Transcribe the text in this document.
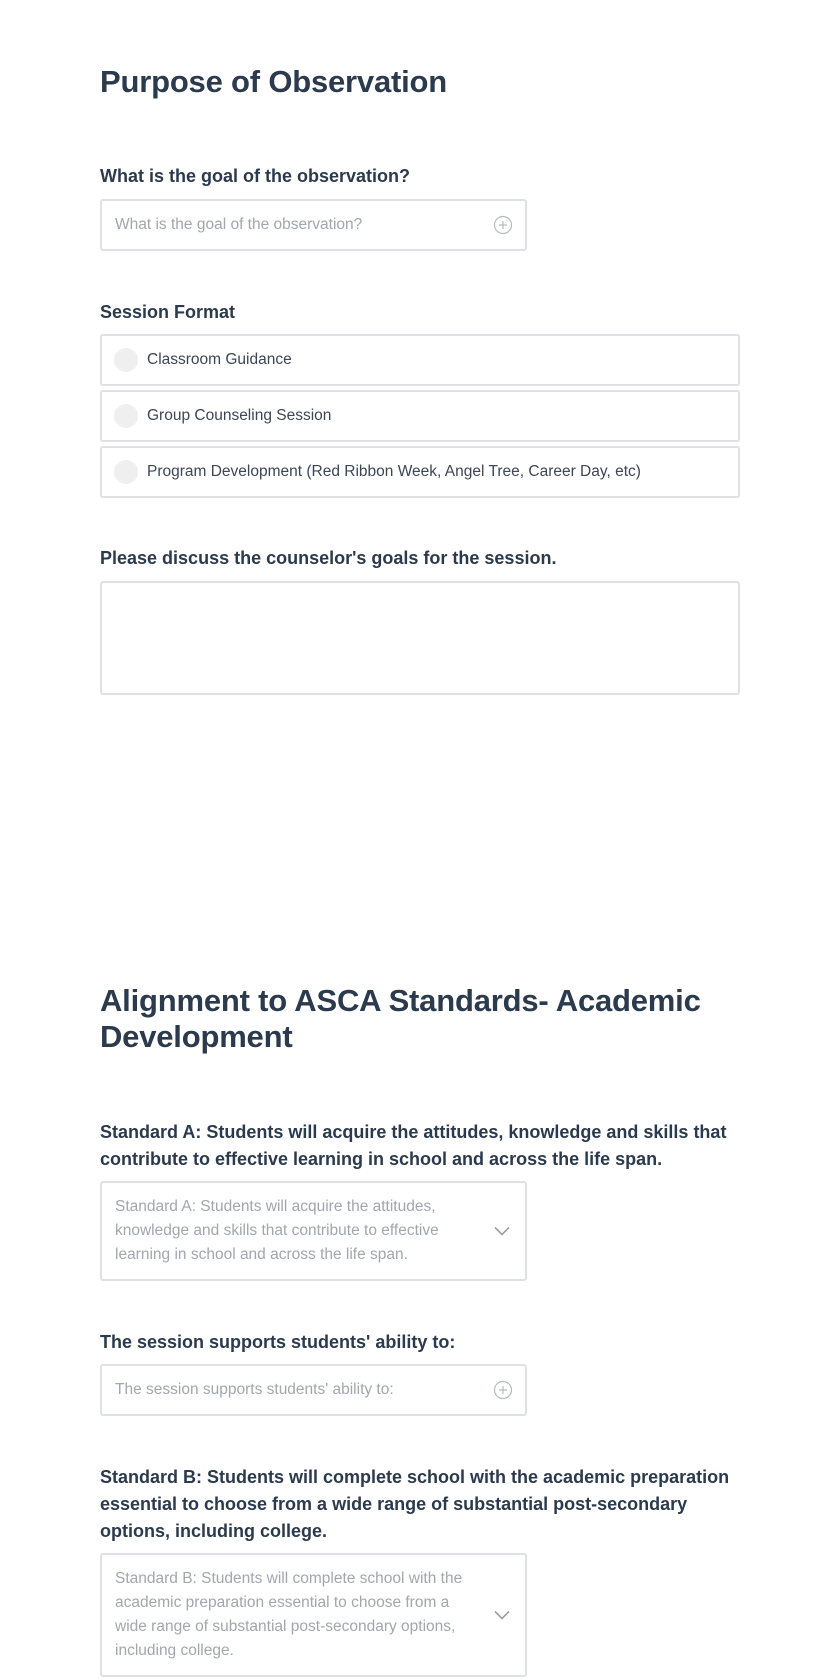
Purpose of Observation
What is the goal of the observation?
What is the goal of the observation?
Session Format
Classroom Guidance
Group Counseling Session
Program Development (Red Ribbon Week, Angel Tree, Career Day, etc)
Please discuss the counselor's goals for the session.
Alignment to ASCA Standards- Academic Development
Standard A: Students will acquire the attitudes, knowledge and skills that contribute to effective learning in school and across the life span.
Standard A: Students will acquire the attitudes, knowledge and skills that contribute to effective learning in school and across the life span.
The session supports students' ability to:
The session supports students' ability to:
Standard B: Students will complete school with the academic preparation essential to choose from a wide range of substantial post-secondary options, including college.
Standard B: Students will complete school with the academic preparation essential to choose from a wide range of substantial post-secondary options, including college.
